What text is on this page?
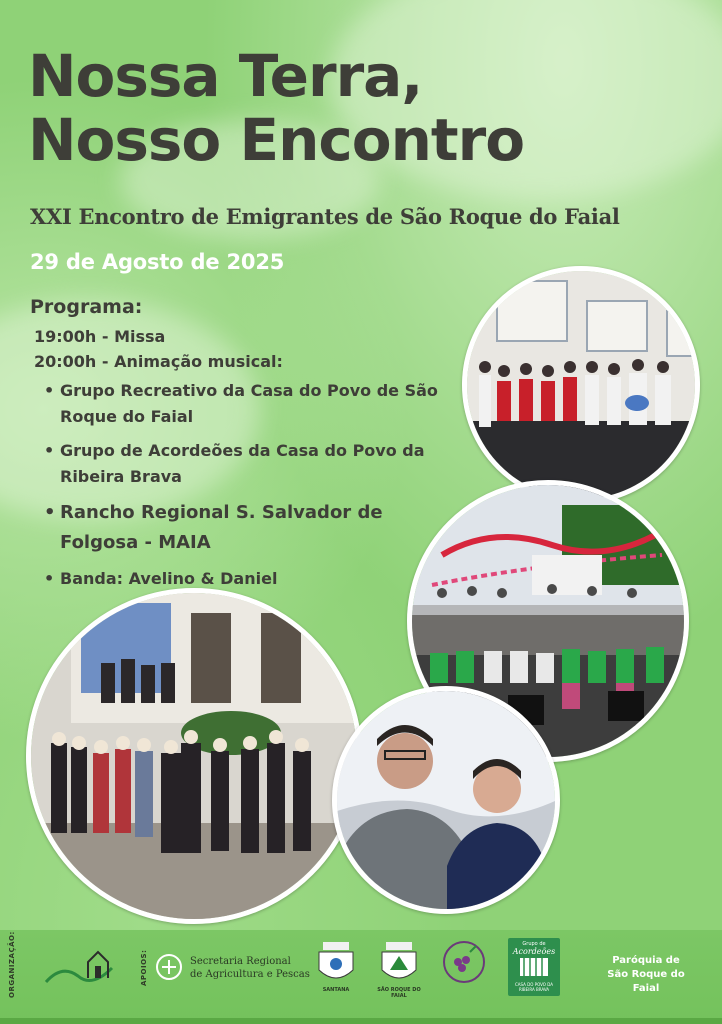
Nossa Terra,
Nosso Encontro

XXI Encontro de Emigrantes de São Roque do Faial

29 de Agosto de 2025

Programa:

19:00h - Missa

20:00h - Animação musical:

• Grupo Recreativo da Casa do Povo de São Roque do Faial
• Grupo de Acordeões da Casa do Povo da Ribeira Brava
• Rancho Regional S. Salvador de Folgosa - MAIA
• Banda: Avelino & Daniel
ORGANIZAÇÃO:	APOIOS:	Secretaria Regional
de Agricultura e Pescas
SANTANA	SÃO ROQUE DO FAIAL
Grupo de
Acordeões
CASA DO POVO DA RIBEIRA BRAVA
Paróquia de
São Roque do Faial
